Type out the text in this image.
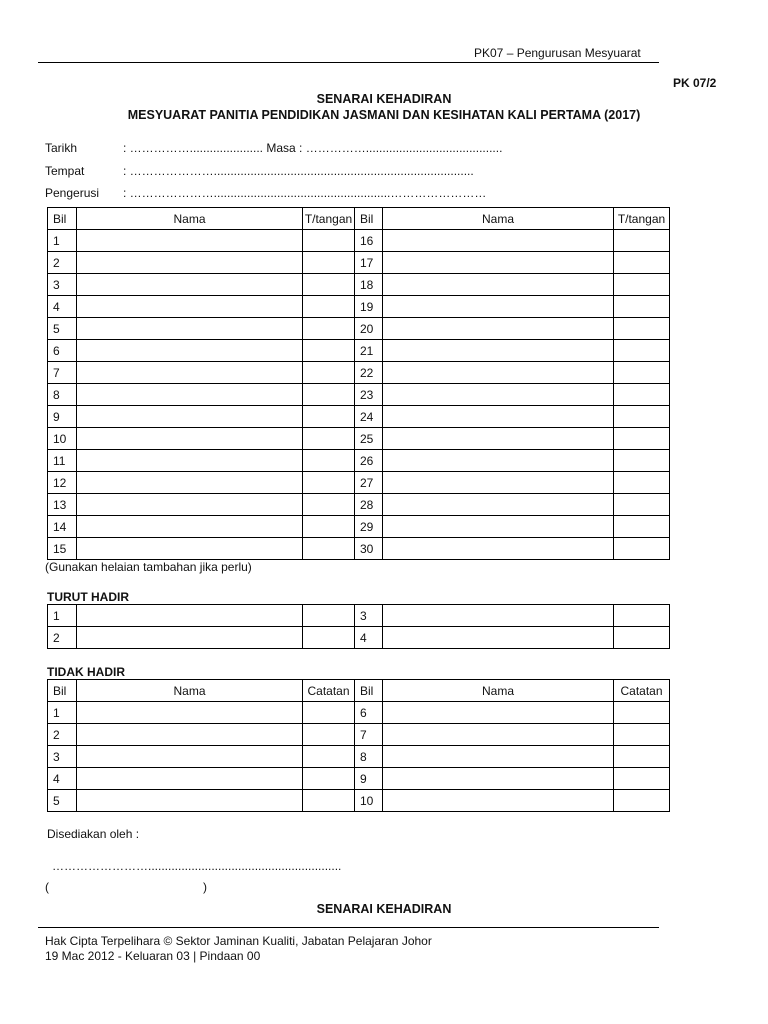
PK07 – Pengurusan Mesyuarat
PK 07/2
SENARAI KEHADIRAN
MESYUARAT PANITIA PENDIDIKAN JASMANI DAN KESIHATAN KALI PERTAMA (2017)
Tarikh	: ……………...................... Masa : …………….........................................
Tempat	: …………………..............................................................................
Pengerusi : ………………….....................................................……………………
Bil	Nama	T/tangan	Bil	Nama	T/tangan
1			16		
2			17		
3			18		
4			19		
5			20		
6			21		
7			22		
8			23		
9			24		
10			25		
11			26		
12			27		
13			28		
14			29		
15			30		
(Gunakan helaian tambahan jika perlu)
TURUT HADIR
1			3		
2			4		
TIDAK HADIR
Bil	Nama	Catatan	Bil	Nama	Catatan
1			6		
2			7		
3			8		
4			9		
5			10		
Disediakan oleh :
……………………..........................................................
(	)
SENARAI KEHADIRAN
Hak Cipta Terpelihara © Sektor Jaminan Kualiti, Jabatan Pelajaran Johor
19 Mac 2012 - Keluaran 03 | Pindaan 00
